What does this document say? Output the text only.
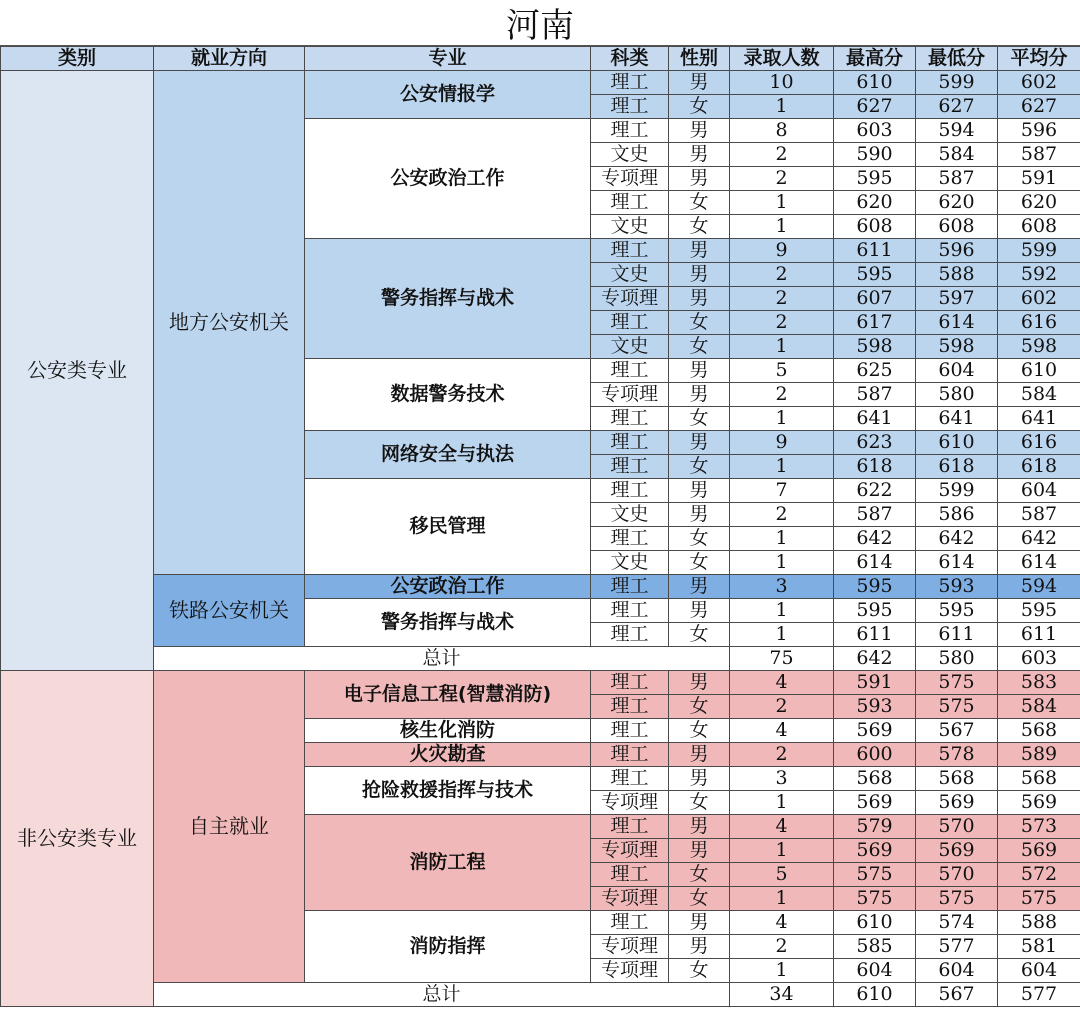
河南
类别	就业方向	专业	科类	性别	录取人数	最高分	最低分	平均分
公安类专业	地方公安机关	公安情报学	理工	男	10	610	599	602
			理工	女	1	627	627	627
		公安政治工作	理工	男	8	603	594	596
			文史	男	2	590	584	587
			专项理	男	2	595	587	591
			理工	女	1	620	620	620
			文史	女	1	608	608	608
		警务指挥与战术	理工	男	9	611	596	599
			文史	男	2	595	588	592
			专项理	男	2	607	597	602
			理工	女	2	617	614	616
			文史	女	1	598	598	598
		数据警务技术	理工	男	5	625	604	610
			专项理	男	2	587	580	584
			理工	女	1	641	641	641
		网络安全与执法	理工	男	9	623	610	616
			理工	女	1	618	618	618
		移民管理	理工	男	7	622	599	604
			文史	男	2	587	586	587
			理工	女	1	642	642	642
			文史	女	1	614	614	614
	铁路公安机关	公安政治工作	理工	男	3	595	593	594
		警务指挥与战术	理工	男	1	595	595	595
			理工	女	1	611	611	611
	总计				75	642	580	603
非公安类专业	自主就业	电子信息工程(智慧消防)	理工	男	4	591	575	583
			理工	女	2	593	575	584
		核生化消防	理工	女	4	569	567	568
		火灾勘查	理工	男	2	600	578	589
		抢险救援指挥与技术	理工	男	3	568	568	568
			专项理	女	1	569	569	569
		消防工程	理工	男	4	579	570	573
			专项理	男	1	569	569	569
			理工	女	5	575	570	572
			专项理	女	1	575	575	575
		消防指挥	理工	男	4	610	574	588
			专项理	男	2	585	577	581
			专项理	女	1	604	604	604
	总计				34	610	567	577
